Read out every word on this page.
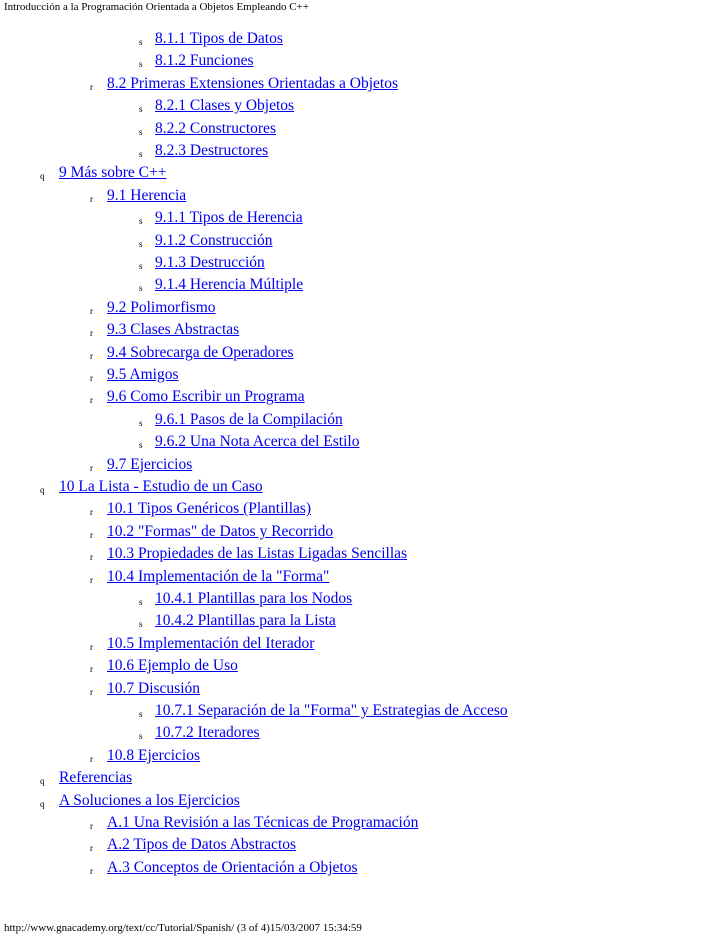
Introducción a la Programación Orientada a Objetos Empleando C++
s 8.1.1 Tipos de Datos
s 8.1.2 Funciones
r 8.2 Primeras Extensiones Orientadas a Objetos
s 8.2.1 Clases y Objetos
s 8.2.2 Constructores
s 8.2.3 Destructores
q 9 Más sobre C++
r 9.1 Herencia
s 9.1.1 Tipos de Herencia
s 9.1.2 Construcción
s 9.1.3 Destrucción
s 9.1.4 Herencia Múltiple
r 9.2 Polimorfismo
r 9.3 Clases Abstractas
r 9.4 Sobrecarga de Operadores
r 9.5 Amigos
r 9.6 Como Escribir un Programa
s 9.6.1 Pasos de la Compilación
s 9.6.2 Una Nota Acerca del Estilo
r 9.7 Ejercicios
q 10 La Lista - Estudio de un Caso
r 10.1 Tipos Genéricos (Plantillas)
r 10.2 "Formas" de Datos y Recorrido
r 10.3 Propiedades de las Listas Ligadas Sencillas
r 10.4 Implementación de la "Forma"
s 10.4.1 Plantillas para los Nodos
s 10.4.2 Plantillas para la Lista
r 10.5 Implementación del Iterador
r 10.6 Ejemplo de Uso
r 10.7 Discusión
s 10.7.1 Separación de la "Forma" y Estrategias de Acceso
s 10.7.2 Iteradores
r 10.8 Ejercicios
q Referencias
q A Soluciones a los Ejercicios
r A.1 Una Revisión a las Técnicas de Programación
r A.2 Tipos de Datos Abstractos
r A.3 Conceptos de Orientación a Objetos
http://www.gnacademy.org/text/cc/Tutorial/Spanish/ (3 of 4)15/03/2007 15:34:59
